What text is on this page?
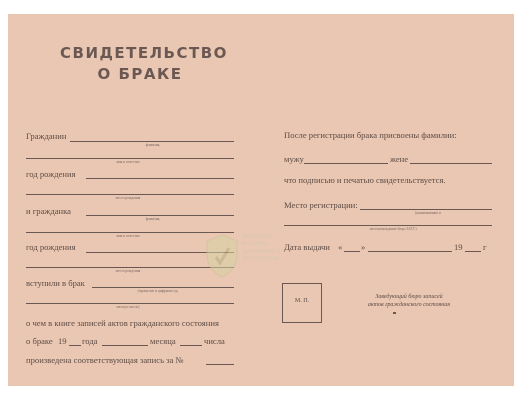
СВИДЕТЕЛЬСТВО
О БРАКЕ
Гражданин
фамилия,
имя и отчество
год рождения
место рождения
и гражданка
фамилия,
имя и отчество
год рождения
место рождения
вступили в брак
(прописью и цифрами год,
месяц и число)
о чем в книге записей актов гражданского состояния
о браке 19 года	месяца	числа
произведена соответствующая запись за №
После регистрации брака присвоены фамилии:
мужу	жене
что подписью и печатью свидетельствуется.
Место регистрации:
(наименование и
местонахождение бюро ЗАГС)
Дата выдачи « »	19 г
М. П.
Заведующий бюро записей
актов гражданского состояния
Интернет-
магазин
дипломов и
аттестатов
